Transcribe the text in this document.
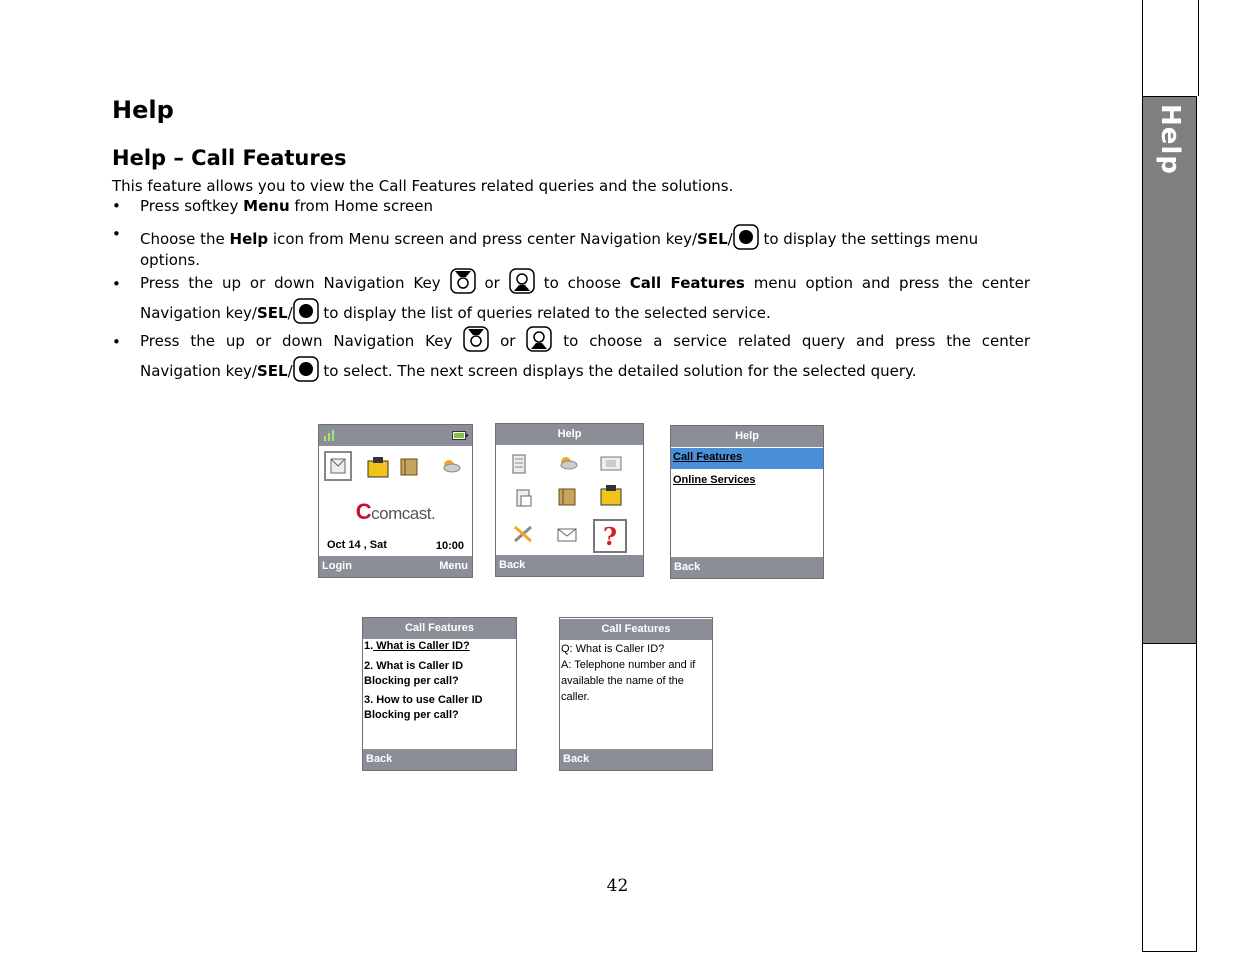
Help
Help
Help – Call Features
This feature allows you to view the Call Features related queries and the solutions.
• Press softkey Menu from Home screen
• Choose the Help icon from Menu screen and press center Navigation key/SEL/ to display the settings menu
options.
• Press the up or down Navigation Key	or	to choose Call Features menu option and press the center
Navigation key/SEL/ to display the list of queries related to the selected service.
• Press the up or down Navigation Key	or	to choose a service related query and press the center
Navigation key/SEL/ to select. The next screen displays the detailed solution for the selected query.
Ccomcast.
Oct 14 , Sat	10:00
Login	Menu
Help
?
Back
Help
Call Features
Online Services
Back
Call Features
1. What is Caller ID?
2. What is Caller ID
Blocking per call?
3. How to use Caller ID
Blocking per call?
Back
Call Features
Q: What is Caller ID?
A: Telephone number and if
available the name of the
caller.
Back
42
